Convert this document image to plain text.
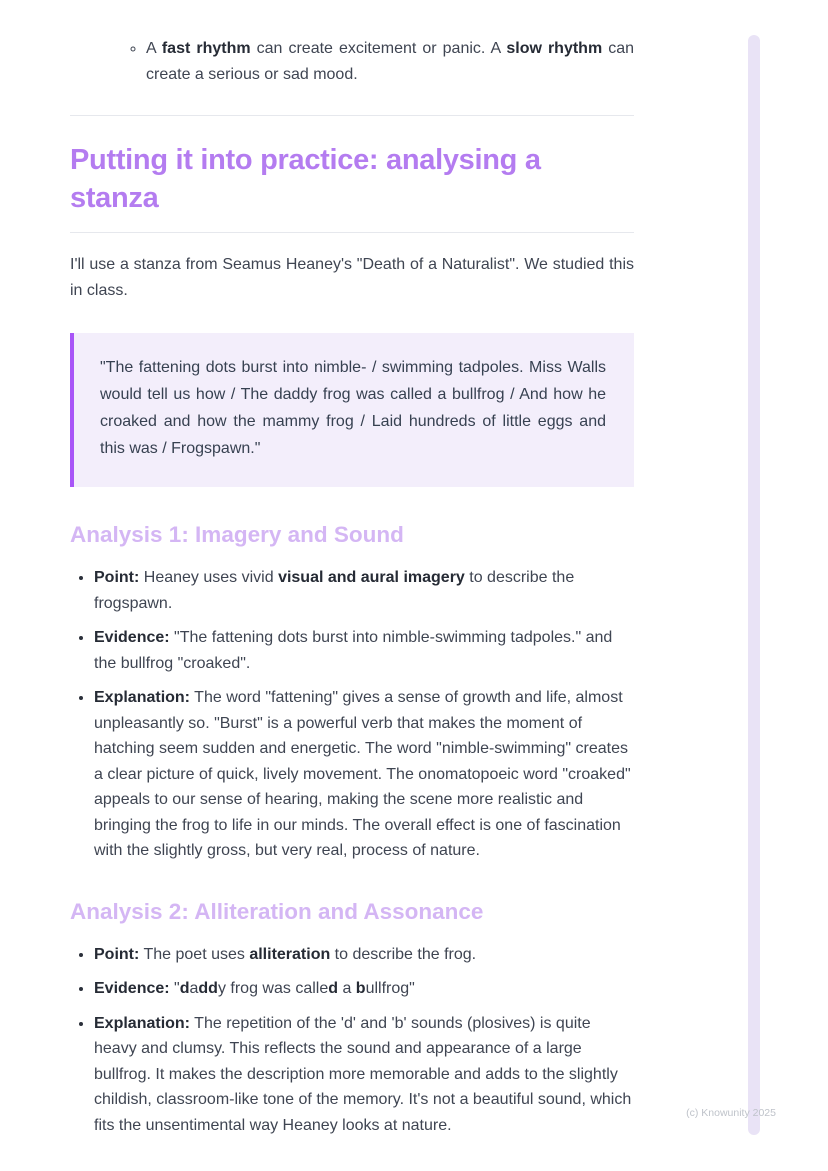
◦ A fast rhythm can create excitement or panic. A slow rhythm can create a serious or sad mood.
Putting it into practice: analysing a stanza

I'll use a stanza from Seamus Heaney's "Death of a Naturalist". We studied this in class.

"The fattening dots burst into nimble- / swimming tadpoles. Miss Walls would tell us how / The daddy frog was called a bullfrog / And how he croaked and how the mammy frog / Laid hundreds of little eggs and this was / Frogspawn."
Analysis 1: Imagery and Sound
• Point: Heaney uses vivid visual and aural imagery to describe the frogspawn.
• Evidence: "The fattening dots burst into nimble-swimming tadpoles." and the bullfrog "croaked".
• Explanation: The word "fattening" gives a sense of growth and life, almost unpleasantly so. "Burst" is a powerful verb that makes the moment of hatching seem sudden and energetic. The word "nimble-swimming" creates a clear picture of quick, lively movement. The onomatopoeic word "croaked" appeals to our sense of hearing, making the scene more realistic and bringing the frog to life in our minds. The overall effect is one of fascination with the slightly gross, but very real, process of nature.
Analysis 2: Alliteration and Assonance
• Point: The poet uses alliteration to describe the frog.
• Evidence: "daddy frog was called a bullfrog"
• Explanation: The repetition of the 'd' and 'b' sounds (plosives) is quite heavy and clumsy. This reflects the sound and appearance of a large bullfrog. It makes the description more memorable and adds to the slightly childish, classroom-like tone of the memory. It's not a beautiful sound, which fits the unsentimental way Heaney looks at nature.
(c) Knowunity 2025
